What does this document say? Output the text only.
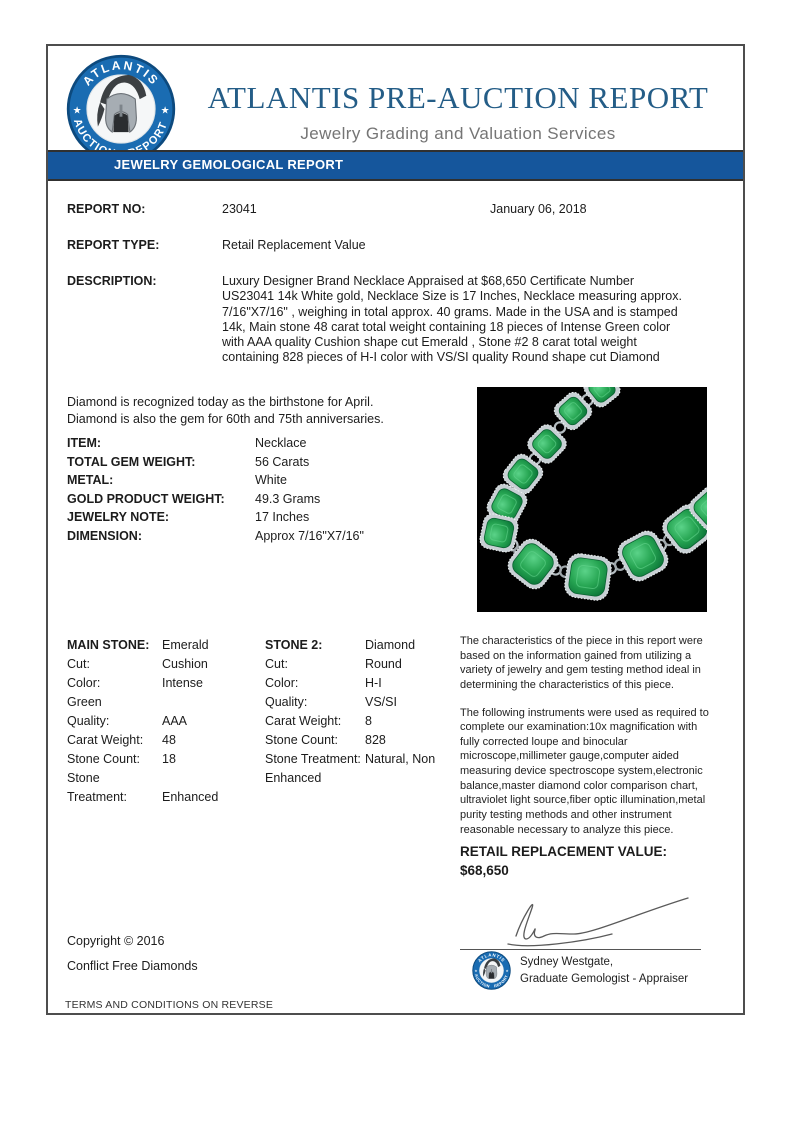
ATLANTIS PRE-AUCTION REPORT
Jewelry Grading and Valuation Services
JEWELRY GEMOLOGICAL REPORT
REPORT NO:	23041	January 06, 2018
REPORT TYPE:	Retail Replacement Value
DESCRIPTION:	Luxury Designer Brand Necklace Appraised at $68,650 Certificate Number US23041 14k White gold, Necklace Size is 17 Inches, Necklace measuring approx. 7/16"X7/16" , weighing in total approx. 40 grams. Made in the USA and is stamped 14k, Main stone 48 carat total weight containing 18 pieces of Intense Green color with AAA quality Cushion shape cut Emerald , Stone #2 8 carat total weight containing 828 pieces of H-I color with VS/SI quality Round shape cut Diamond
Diamond is recognized today as the birthstone for April.
Diamond is also the gem for 60th and 75th anniversaries.
ITEM:	Necklace
TOTAL GEM WEIGHT:	56 Carats
METAL:	White
GOLD PRODUCT WEIGHT: 49.3 Grams
JEWELRY NOTE:	17 Inches
DIMENSION:	Approx 7/16"X7/16"
MAIN STONE: Emerald
Cut:	Cushion
Color:	Intense Green
Quality:	AAA
Carat Weight: 48
Stone Count: 18
Stone Treatment:	Enhanced
STONE 2:	Diamond
Cut:	Round
Color:	H-I
Quality:	VS/SI
Carat Weight: 8
Stone Count: 828
Stone Treatment: Natural, Non Enhanced

The characteristics of the piece in this report were based on the information gained from utilizing a variety of jewelry and gem testing method ideal in determining the characteristics of this piece.

The following instruments were used as required to complete our examination:10x magnification with fully corrected loupe and binocular microscope,millimeter gauge,computer aided measuring device spectroscope system,electronic balance,master diamond color comparison chart, ultraviolet light source,fiber optic illumination,metal purity testing methods and other instrument reasonable necessary to analyze this piece.

RETAIL REPLACEMENT VALUE:
$68,650
Copyright © 2016
Conflict Free Diamonds	Sydney Westgate,
Graduate Gemologist - Appraiser
TERMS AND CONDITIONS ON REVERSE
